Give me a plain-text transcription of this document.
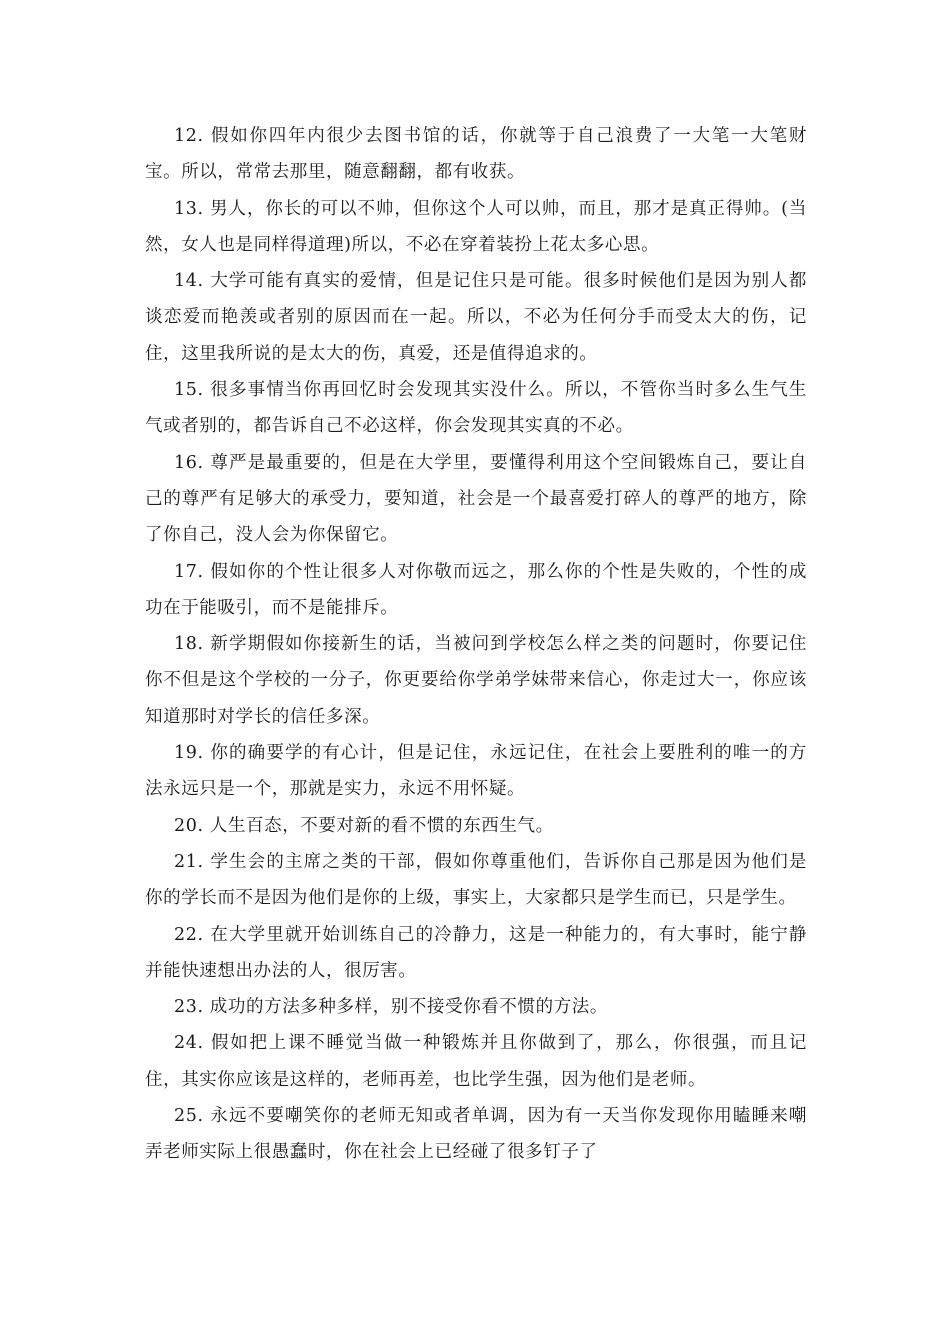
12. 假如你四年内很少去图书馆的话，你就等于自己浪费了一大笔一大笔财宝。所以，常常去那里，随意翻翻，都有收获。

13. 男人，你长的可以不帅，但你这个人可以帅，而且，那才是真正得帅。(当然，女人也是同样得道理)所以，不必在穿着装扮上花太多心思。

14. 大学可能有真实的爱情，但是记住只是可能。很多时候他们是因为别人都谈恋爱而艳羡或者别的原因而在一起。所以，不必为任何分手而受太大的伤，记住，这里我所说的是太大的伤，真爱，还是值得追求的。

15. 很多事情当你再回忆时会发现其实没什么。所以，不管你当时多么生气生气或者别的，都告诉自己不必这样，你会发现其实真的不必。

16. 尊严是最重要的，但是在大学里，要懂得利用这个空间锻炼自己，要让自己的尊严有足够大的承受力，要知道，社会是一个最喜爱打碎人的尊严的地方，除了你自己，没人会为你保留它。

17. 假如你的个性让很多人对你敬而远之，那么你的个性是失败的，个性的成功在于能吸引，而不是能排斥。

18. 新学期假如你接新生的话，当被问到学校怎么样之类的问题时，你要记住你不但是这个学校的一分子，你更要给你学弟学妹带来信心，你走过大一，你应该知道那时对学长的信任多深。

19. 你的确要学的有心计，但是记住，永远记住，在社会上要胜利的唯一的方法永远只是一个，那就是实力，永远不用怀疑。

20. 人生百态，不要对新的看不惯的东西生气。

21. 学生会的主席之类的干部，假如你尊重他们，告诉你自己那是因为他们是你的学长而不是因为他们是你的上级，事实上，大家都只是学生而已，只是学生。

22. 在大学里就开始训练自己的冷静力，这是一种能力的，有大事时，能宁静并能快速想出办法的人，很厉害。

23. 成功的方法多种多样，别不接受你看不惯的方法。

24. 假如把上课不睡觉当做一种锻炼并且你做到了，那么，你很强，而且记住，其实你应该是这样的，老师再差，也比学生强，因为他们是老师。

25. 永远不要嘲笑你的老师无知或者单调，因为有一天当你发现你用瞌睡来嘲弄老师实际上很愚蠢时，你在社会上已经碰了很多钉子了
